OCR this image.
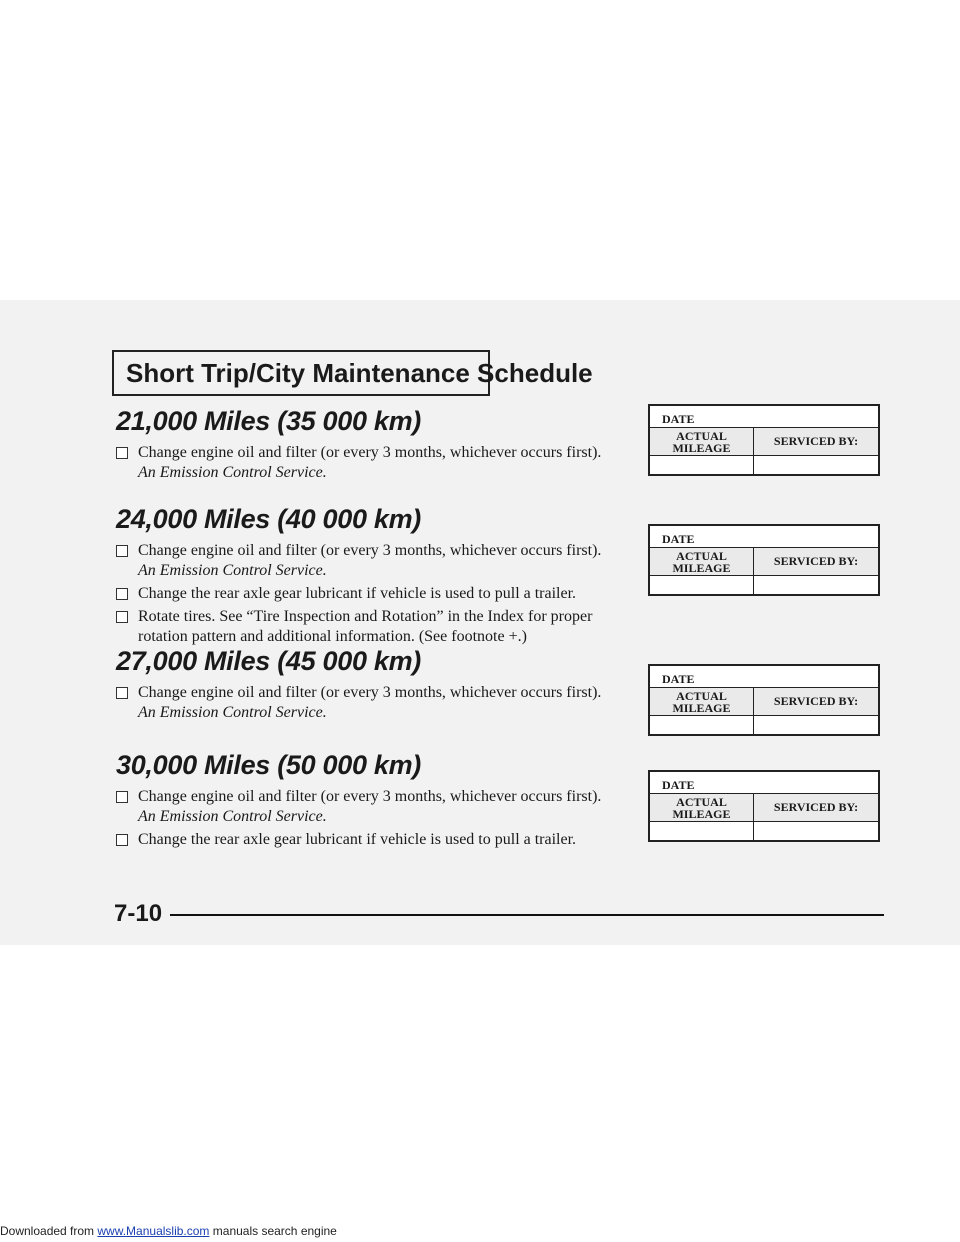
Short Trip/City Maintenance Schedule
21,000 Miles (35 000 km)
Change engine oil and filter (or every 3 months, whichever occurs first).
An Emission Control Service.
24,000 Miles (40 000 km)
Change engine oil and filter (or every 3 months, whichever occurs first).
An Emission Control Service.
Change the rear axle gear lubricant if vehicle is used to pull a trailer.
Rotate tires. See “Tire Inspection and Rotation” in the Index for proper rotation pattern and additional information. (See footnote +.)
27,000 Miles (45 000 km)
Change engine oil and filter (or every 3 months, whichever occurs first).
An Emission Control Service.
30,000 Miles (50 000 km)
Change engine oil and filter (or every 3 months, whichever occurs first).
An Emission Control Service.
Change the rear axle gear lubricant if vehicle is used to pull a trailer.
DATE
ACTUAL
MILEAGE	SERVICED BY:
DATE
ACTUAL
MILEAGE	SERVICED BY:
DATE
ACTUAL
MILEAGE	SERVICED BY:
DATE
ACTUAL
MILEAGE	SERVICED BY:
7-10
Downloaded from www.Manualslib.com manuals search engine
